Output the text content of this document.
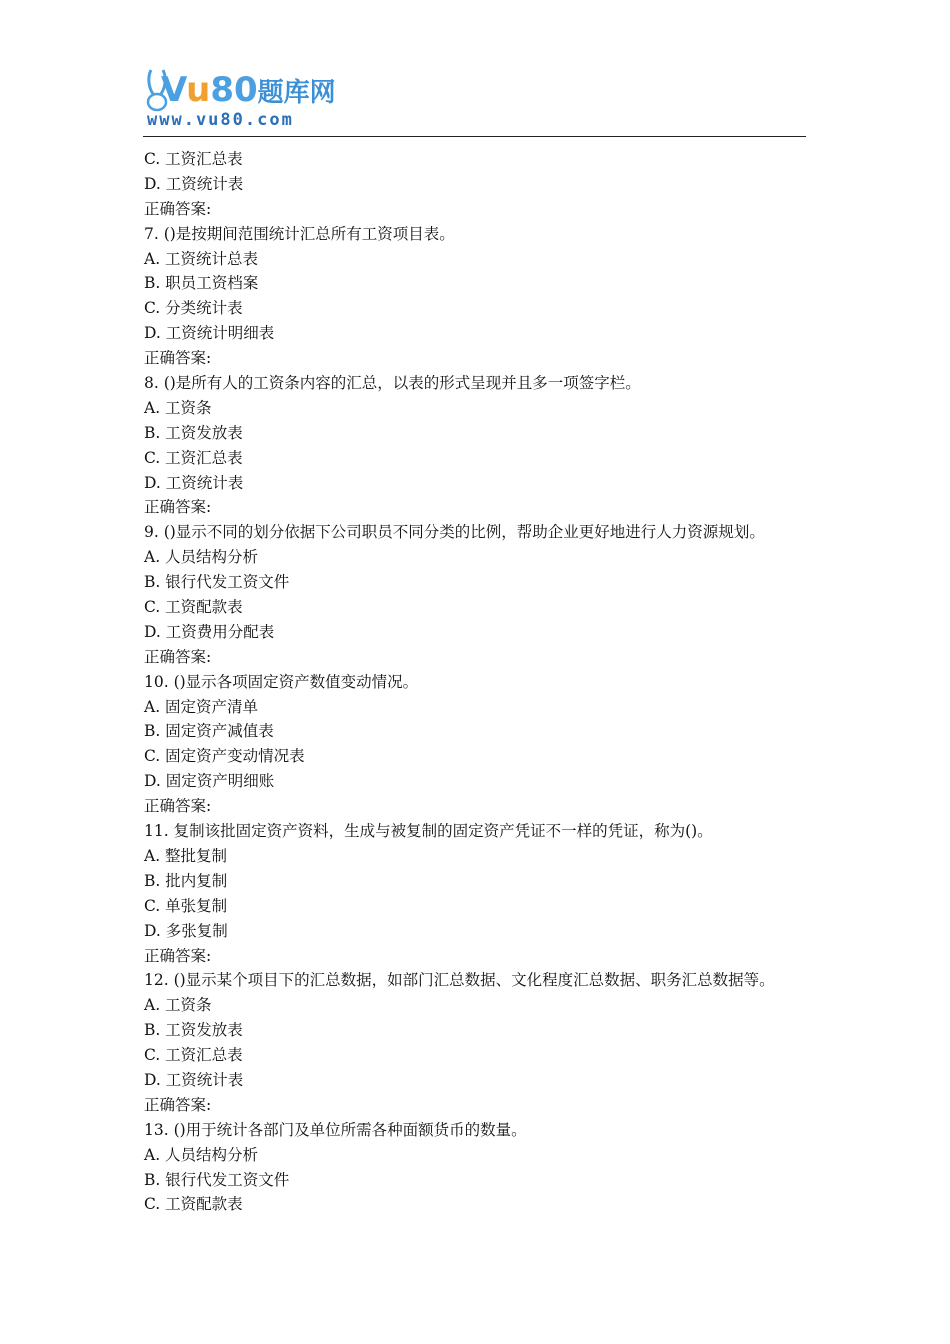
Vu80题库网
www.vu80.com
C. 工资汇总表
D. 工资统计表
正确答案:
7. ()是按期间范围统计汇总所有工资项目表。
A. 工资统计总表
B. 职员工资档案
C. 分类统计表
D. 工资统计明细表
正确答案:
8. ()是所有人的工资条内容的汇总，以表的形式呈现并且多一项签字栏。
A. 工资条
B. 工资发放表
C. 工资汇总表
D. 工资统计表
正确答案:
9. ()显示不同的划分依据下公司职员不同分类的比例，帮助企业更好地进行人力资源规划。
A. 人员结构分析
B. 银行代发工资文件
C. 工资配款表
D. 工资费用分配表
正确答案:
10. ()显示各项固定资产数值变动情况。
A. 固定资产清单
B. 固定资产减值表
C. 固定资产变动情况表
D. 固定资产明细账
正确答案:
11. 复制该批固定资产资料，生成与被复制的固定资产凭证不一样的凭证，称为()。
A. 整批复制
B. 批内复制
C. 单张复制
D. 多张复制
正确答案:
12. ()显示某个项目下的汇总数据，如部门汇总数据、文化程度汇总数据、职务汇总数据等。
A. 工资条
B. 工资发放表
C. 工资汇总表
D. 工资统计表
正确答案:
13. ()用于统计各部门及单位所需各种面额货币的数量。
A. 人员结构分析
B. 银行代发工资文件
C. 工资配款表
